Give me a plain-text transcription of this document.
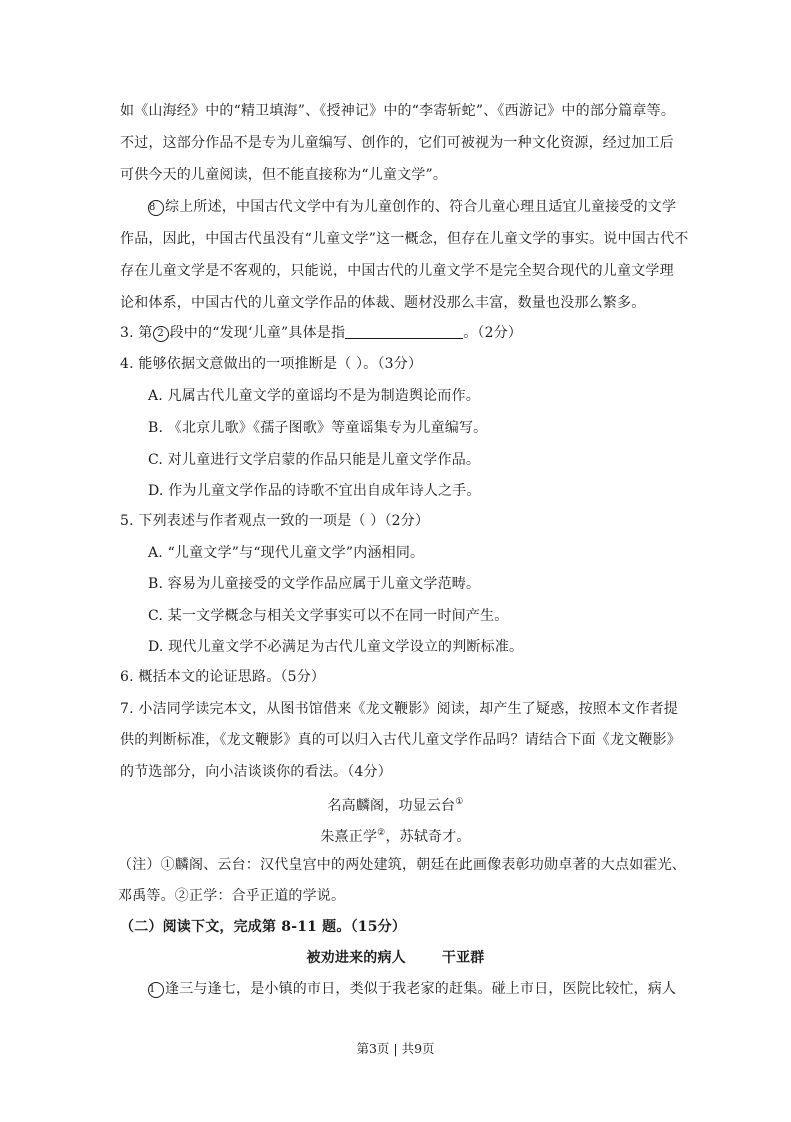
如《山海经》中的“精卫填海”、《授神记》中的“李寄斩蛇”、《西游记》中的部分篇章等。
不过，这部分作品不是专为儿童编写、创作的，它们可被视为一种文化资源，经过加工后
可供今天的儿童阅读，但不能直接称为“儿童文学”。
8 综上所述，中国古代文学中有为儿童创作的、符合儿童心理且适宜儿童接受的文学
作品，因此，中国古代虽没有“儿童文学”这一概念，但存在儿童文学的事实。说中国古代不
存在儿童文学是不客观的，只能说，中国古代的儿童文学不是完全契合现代的儿童文学理
论和体系，中国古代的儿童文学作品的体裁、题材没那么丰富，数量也没那么繁多。
3. 第 2 段中的“发现‘儿童”具体是指	。（2分）
4. 能够依据文意做出的一项推断是（ ）。（3分）
A. 凡属古代儿童文学的童谣均不是为制造舆论而作。
B. 《北京儿歌》《孺子图歌》等童谣集专为儿童编写。
C. 对儿童进行文学启蒙的作品只能是儿童文学作品。
D. 作为儿童文学作品的诗歌不宜出自成年诗人之手。
5. 下列表述与作者观点一致的一项是（ ）（2分）
A. “儿童文学”与“现代儿童文学”内涵相同。
B. 容易为儿童接受的文学作品应属于儿童文学范畴。
C. 某一文学概念与相关文学事实可以不在同一时间产生。
D. 现代儿童文学不必满足为古代儿童文学设立的判断标准。
6. 概括本文的论证思路。（5分）
7. 小洁同学读完本文，从图书馆借来《龙文鞭影》阅读，却产生了疑惑，按照本文作者提
供的判断标准，《龙文鞭影》真的可以归入古代儿童文学作品吗？请结合下面《龙文鞭影》
的节选部分，向小洁谈谈你的看法。（4分）
名高麟阁，功显云台①
朱熹正学②，苏轼奇才。
（注）①麟阁、云台：汉代皇宫中的两处建筑，朝廷在此画像表彰功勋卓著的大点如霍光、
邓禹等。②正学：合乎正道的学说。
（二）阅读下文，完成第 8-11 题。（15分）
被劝进来的病人	干亚群
1 逢三与逢七，是小镇的市日，类似于我老家的赶集。碰上市日，医院比较忙，病人
第3页 | 共9页
